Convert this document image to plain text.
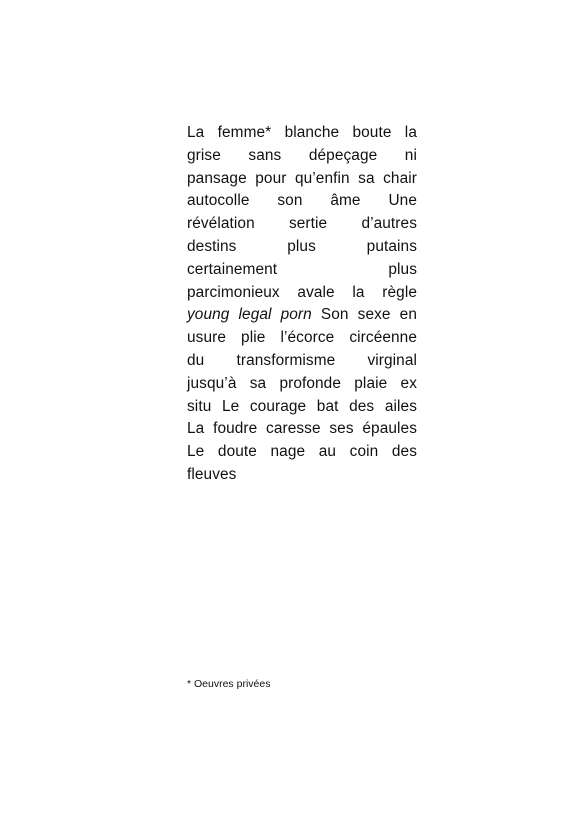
La femme* blanche boute la
grise sans dépeçage ni
pansage pour qu’enfin sa chair
autocolle son âme Une
révélation sertie d’autres
destins plus putains
certainement plus
parcimonieux avale la règle
young legal porn Son sexe en
usure plie l’écorce circéenne
du transformisme virginal
jusqu’à sa profonde plaie ex
situ Le courage bat des ailes
La foudre caresse ses épaules
Le doute nage au coin des
fleuves
* Oeuvres privées
